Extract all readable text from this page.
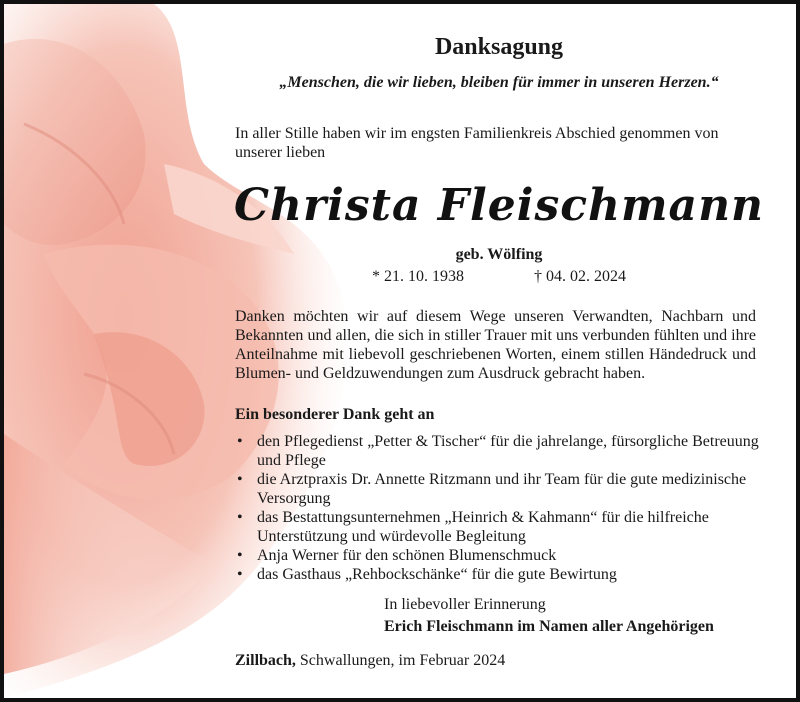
Danksagung
„Menschen, die wir lieben, bleiben für immer in unseren Herzen.“
In aller Stille haben wir im engsten Familienkreis Abschied genommen von unserer lieben
Christa Fleischmann
geb. Wölfing
* 21. 10. 1938	† 04. 02. 2024
Danken möchten wir auf diesem Wege unseren Verwandten, Nachbarn und Bekannten und allen, die sich in stiller Trauer mit uns verbunden fühlten und ihre Anteilnahme mit liebevoll geschriebenen Worten, einem stillen Händedruck und Blumen- und Geldzuwendungen zum Ausdruck gebracht haben.
Ein besonderer Dank geht an
• den Pflegedienst „Petter & Tischer“ für die jahrelange, fürsorgliche Betreuung und Pflege
• die Arztpraxis Dr. Annette Ritzmann und ihr Team für die gute medizinische Versorgung
• das Bestattungsunternehmen „Heinrich & Kahmann“ für die hilfreiche Unterstützung und würdevolle Begleitung
• Anja Werner für den schönen Blumenschmuck
• das Gasthaus „Rehbockschänke“ für die gute Bewirtung
In liebevoller Erinnerung
Erich Fleischmann im Namen aller Angehörigen
Zillbach, Schwallungen, im Februar 2024
